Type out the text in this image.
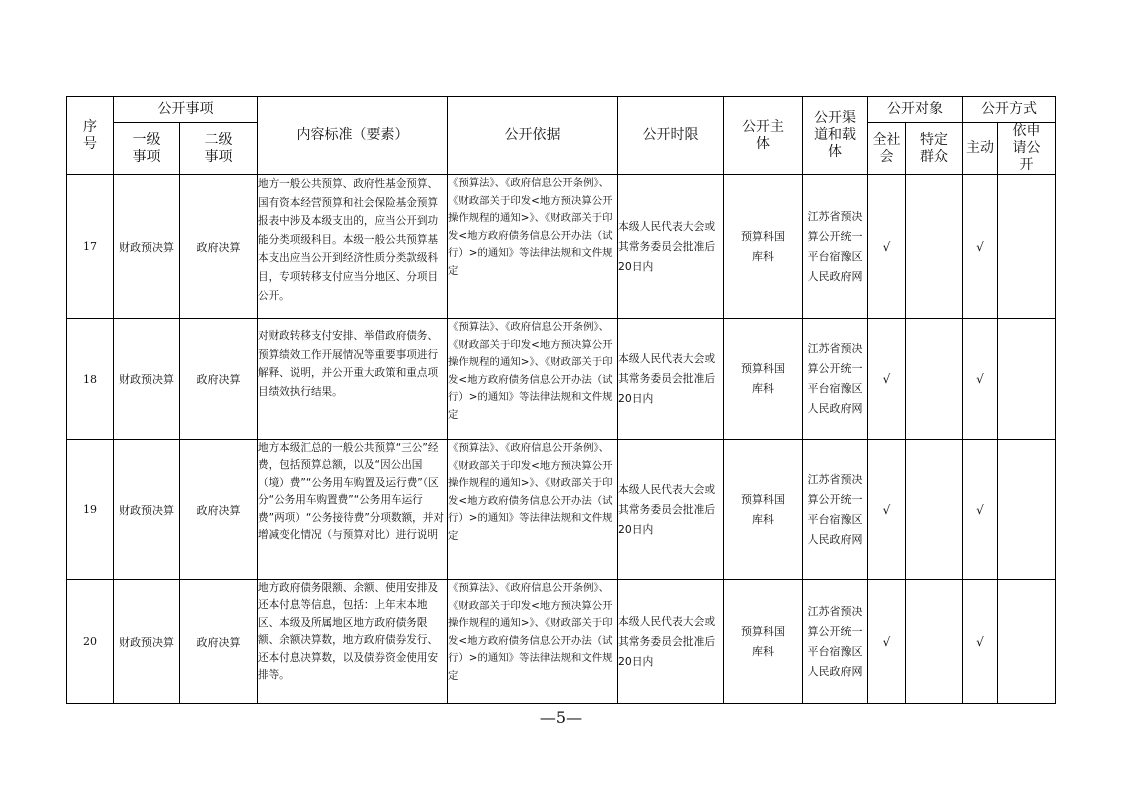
序号	公开事项		内容标准（要素）	公开依据	公开时限	公开主体	公开渠道和载体	公开对象		公开方式	
	一级事项	二级事项						全社会	特定群众	主动	依申请公开
17	财政预决算	政府决算	地方一般公共预算、政府性基金预算、国有资本经营预算和社会保险基金预算报表中涉及本级支出的，应当公开到功能分类项级科目。本级一般公共预算基本支出应当公开到经济性质分类款级科目，专项转移支付应当分地区、分项目公开。	《预算法》、《政府信息公开条例》、《财政部关于印发<地方预决算公开操作规程的通知>》、《财政部关于印发<地方政府债务信息公开办法（试行）>的通知》等法律法规和文件规定	本级人民代表大会或其常务委员会批准后20日内	预算科国库科	江苏省预决算公开统一平台宿豫区人民政府网	√		√	
18	财政预决算	政府决算	对财政转移支付安排、举借政府债务、预算绩效工作开展情况等重要事项进行解释、说明，并公开重大政策和重点项目绩效执行结果。	《预算法》、《政府信息公开条例》、《财政部关于印发<地方预决算公开操作规程的通知>》、《财政部关于印发<地方政府债务信息公开办法（试行）>的通知》等法律法规和文件规定	本级人民代表大会或其常务委员会批准后20日内	预算科国库科	江苏省预决算公开统一平台宿豫区人民政府网	√		√	
19	财政预决算	政府决算	地方本级汇总的一般公共预算“三公”经费，包括预算总额，以及“因公出国（境）费”“公务用车购置及运行费”（区分“公务用车购置费”“公务用车运行费”两项）“公务接待费”分项数额，并对增减变化情况（与预算对比）进行说明	《预算法》、《政府信息公开条例》、《财政部关于印发<地方预决算公开操作规程的通知>》、《财政部关于印发<地方政府债务信息公开办法（试行）>的通知》等法律法规和文件规定	本级人民代表大会或其常务委员会批准后20日内	预算科国库科	江苏省预决算公开统一平台宿豫区人民政府网	√		√	
20	财政预决算	政府决算	地方政府债务限额、余额、使用安排及还本付息等信息，包括：上年末本地区、本级及所属地区地方政府债务限额、余额决算数，地方政府债券发行、还本付息决算数，以及债券资金使用安排等。	《预算法》、《政府信息公开条例》、《财政部关于印发<地方预决算公开操作规程的通知>》、《财政部关于印发<地方政府债务信息公开办法（试行）>的通知》等法律法规和文件规定	本级人民代表大会或其常务委员会批准后20日内	预算科国库科	江苏省预决算公开统一平台宿豫区人民政府网	√		√	
—5—
